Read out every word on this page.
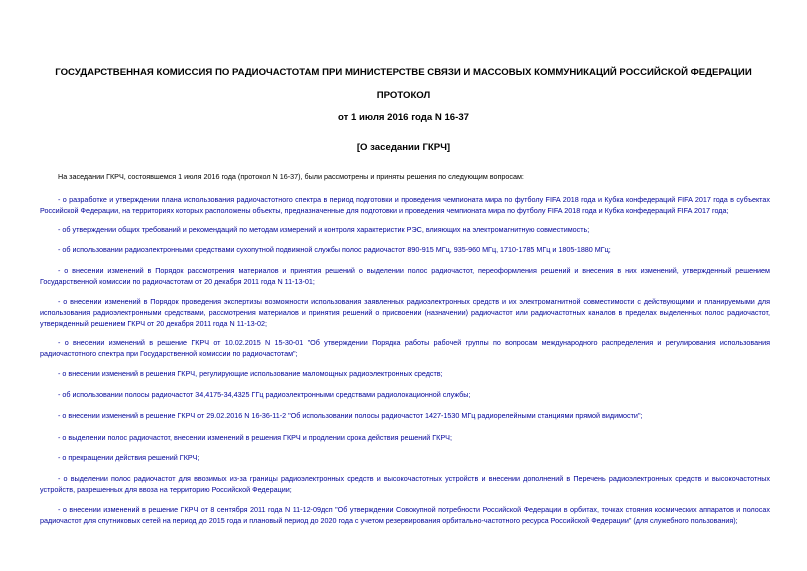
ГОСУДАРСТВЕННАЯ КОМИССИЯ ПО РАДИОЧАСТОТАМ ПРИ МИНИСТЕРСТВЕ СВЯЗИ И МАССОВЫХ КОММУНИКАЦИЙ РОССИЙСКОЙ ФЕДЕРАЦИИ
ПРОТОКОЛ
от 1 июля 2016 года N 16-37
[О заседании ГКРЧ]
На заседании ГКРЧ, состоявшемся 1 июля 2016 года (протокол N 16-37), были рассмотрены и приняты решения по следующим вопросам:
- о разработке и утверждении плана использования радиочастотного спектра в период подготовки и проведения чемпионата мира по футболу FIFA 2018 года и Кубка конфедераций FIFA 2017 года в субъектах Российской Федерации, на территориях которых расположены объекты, предназначенные для подготовки и проведения чемпионата мира по футболу FIFA 2018 года и Кубка конфедераций FIFA 2017 года;
- об утверждении общих требований и рекомендаций по методам измерений и контроля характеристик РЭС, влияющих на электромагнитную совместимость;
- об использовании радиоэлектронными средствами сухопутной подвижной службы полос радиочастот 890-915 МГц, 935-960 МГц, 1710-1785 МГц и 1805-1880 МГц;
- о внесении изменений в Порядок рассмотрения материалов и принятия решений о выделении полос радиочастот, переоформления решений и внесения в них изменений, утвержденный решением Государственной комиссии по радиочастотам от 20 декабря 2011 года N 11-13-01;
- о внесении изменений в Порядок проведения экспертизы возможности использования заявленных радиоэлектронных средств и их электромагнитной совместимости с действующими и планируемыми для использования радиоэлектронными средствами, рассмотрения материалов и принятия решений о присвоении (назначении) радиочастот или радиочастотных каналов в пределах выделенных полос радиочастот, утвержденный решением ГКРЧ от 20 декабря 2011 года N 11-13-02;
- о внесении изменений в решение ГКРЧ от 10.02.2015 N 15-30-01 "Об утверждении Порядка работы рабочей группы по вопросам международного распределения и регулирования использования радиочастотного спектра при Государственной комиссии по радиочастотам";
- о внесении изменений в решения ГКРЧ, регулирующие использование маломощных радиоэлектронных средств;
- об использовании полосы радиочастот 34,4175-34,4325 ГГц радиоэлектронными средствами радиолокационной службы;
- о внесении изменений в решение ГКРЧ от 29.02.2016 N 16-36-11-2 "Об использовании полосы радиочастот 1427-1530 МГц радиорелейными станциями прямой видимости";
- о выделении полос радиочастот, внесении изменений в решения ГКРЧ и продлении срока действия решений ГКРЧ;
- о прекращении действия решений ГКРЧ;
- о выделении полос радиочастот для ввозимых из-за границы радиоэлектронных средств и высокочастотных устройств и внесении дополнений в Перечень радиоэлектронных средств и высокочастотных устройств, разрешенных для ввоза на территорию Российской Федерации;
- о внесении изменений в решение ГКРЧ от 8 сентября 2011 года N 11-12-09дсп "Об утверждении Совокупной потребности Российской Федерации в орбитах, точках стояния космических аппаратов и полосах радиочастот для спутниковых сетей на период до 2015 года и плановый период до 2020 года с учетом резервирования орбитально-частотного ресурса Российской Федерации" (для служебного пользования);
